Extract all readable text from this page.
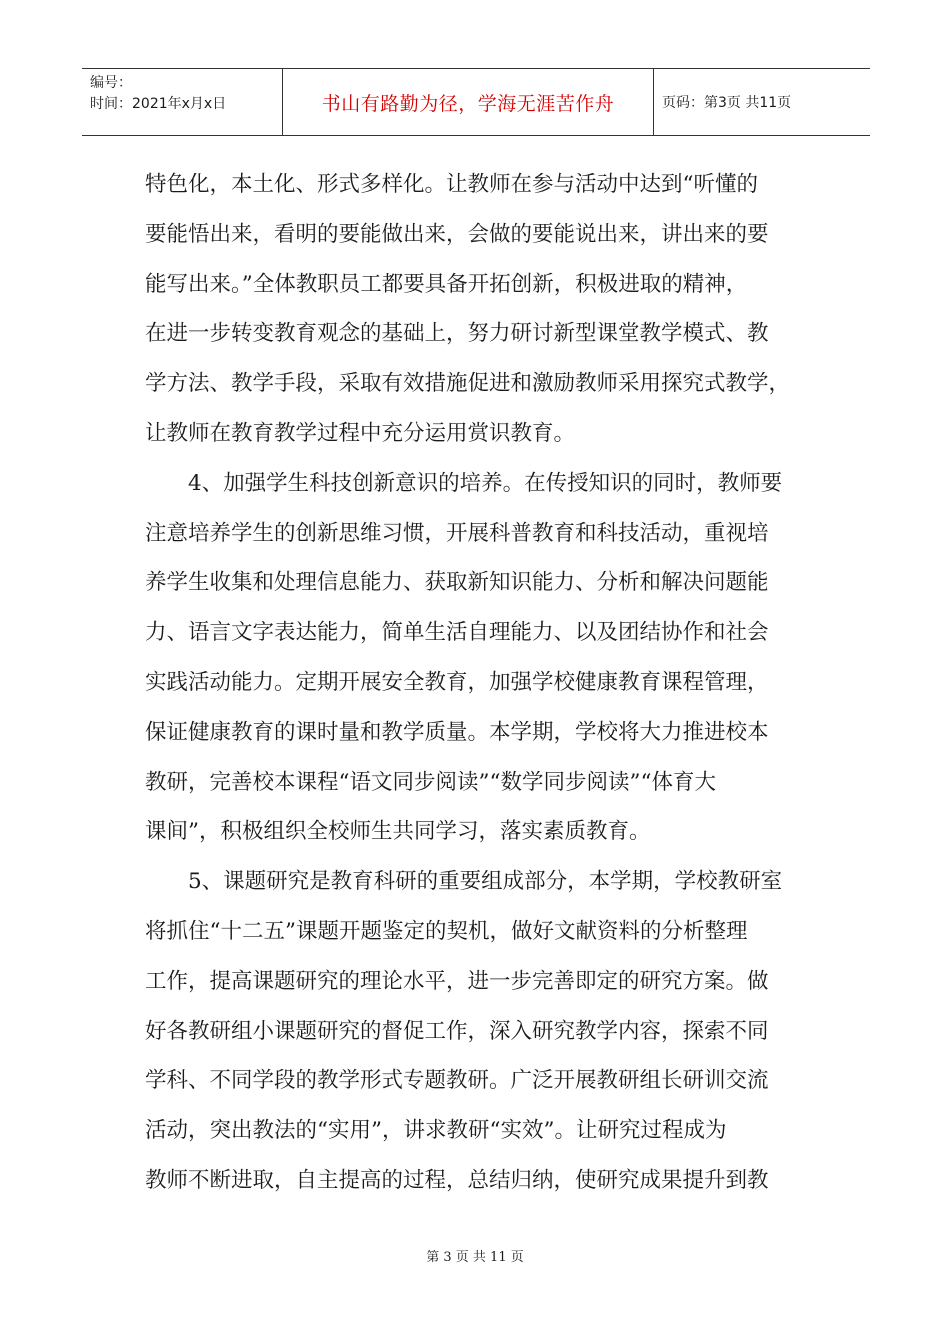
编号：
时间：2021年x月x日	书山有路勤为径，学海无涯苦作舟	页码：第3页 共11页

特色化，本土化、形式多样化。让教师在参与活动中达到“听懂的
要能悟出来，看明的要能做出来，会做的要能说出来，讲出来的要
能写出来。”全体教职员工都要具备开拓创新，积极进取的精神，
在进一步转变教育观念的基础上，努力研讨新型课堂教学模式、教
学方法、教学手段，采取有效措施促进和激励教师采用探究式教学，
让教师在教育教学过程中充分运用赏识教育。

4、加强学生科技创新意识的培养。在传授知识的同时，教师要
注意培养学生的创新思维习惯，开展科普教育和科技活动，重视培
养学生收集和处理信息能力、获取新知识能力、分析和解决问题能
力、语言文字表达能力，简单生活自理能力、以及团结协作和社会
实践活动能力。定期开展安全教育，加强学校健康教育课程管理，
保证健康教育的课时量和教学质量。本学期，学校将大力推进校本
教研，完善校本课程“语文同步阅读”“数学同步阅读”“体育大
课间”，积极组织全校师生共同学习，落实素质教育。

5、课题研究是教育科研的重要组成部分，本学期，学校教研室
将抓住“十二五”课题开题鉴定的契机，做好文献资料的分析整理
工作，提高课题研究的理论水平，进一步完善即定的研究方案。做
好各教研组小课题研究的督促工作，深入研究教学内容，探索不同
学科、不同学段的教学形式专题教研。广泛开展教研组长研训交流
活动，突出教法的“实用”，讲求教研“实效”。让研究过程成为
教师不断进取，自主提高的过程，总结归纳，使研究成果提升到教

第 3 页 共 11 页
